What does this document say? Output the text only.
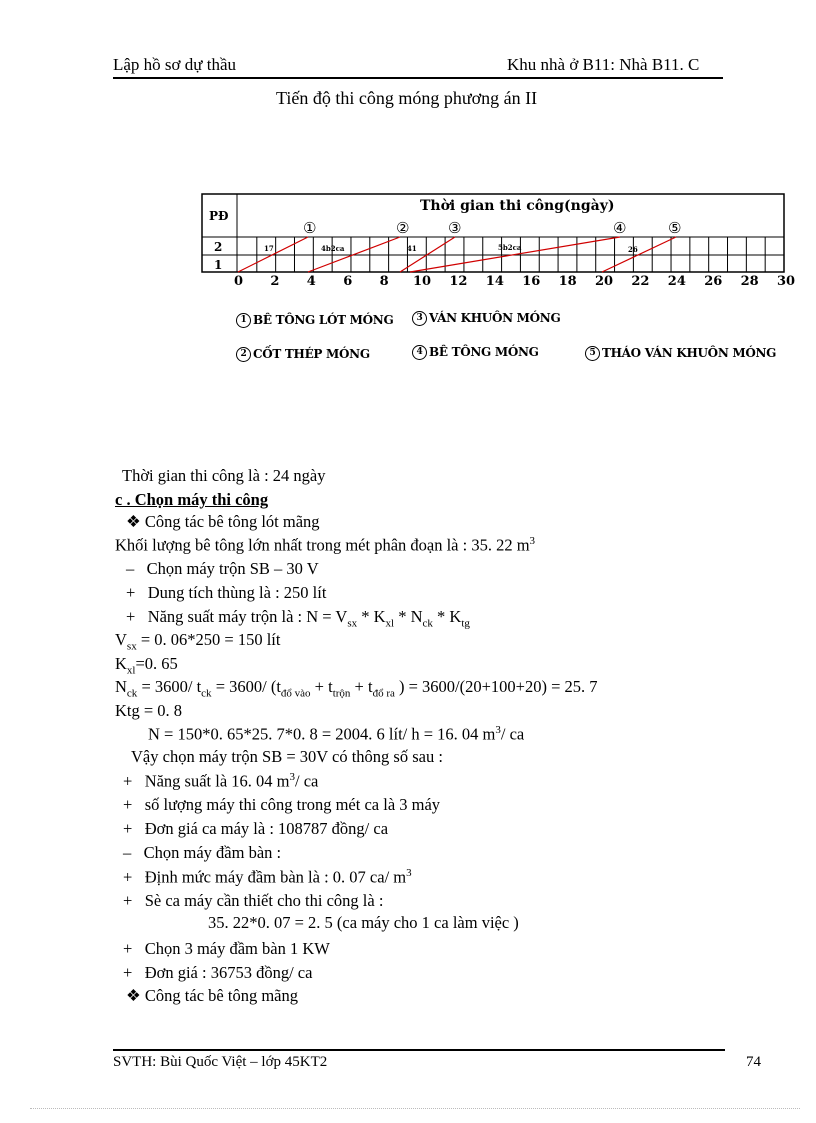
Lập hồ sơ dự thầu	Khu nhà ở B11: Nhà B11. C
Tiến độ thi công móng phương án II
PĐ
Thời gian thi công(ngày)
2
1
0 2 4 6 8 10 12 14 16 18 20 22 24 26 28 30
①	②	③	④	⑤
17	4b2ca	41	5b2ca	26
1 BÊ TÔNG LÓT MÓNG	3 VÁN KHUÔN MÓNG
2 CỐT THÉP MÓNG	4 BÊ TÔNG MÓNG	5 THÁO VÁN KHUÔN MÓNG
Thời gian thi công là : 24 ngày
c . Chọn máy thi công
❖ Công tác bê tông lót mãng
Khối lượng bê tông lớn nhất trong mét phân đoạn là : 35. 22 $m^3$
–   Chọn máy trộn SB – 30 V
+   Dung tích thùng là : 250 lít
+   Năng suất máy trộn là : $N = V_{sx} * K_{xl} * N_{ck} * K_{tg}$
$V_{sx} = 0$. 06*250 = 150 lít
$K_{xl}=0$. 65
$N_{ck} = 3600/$ $t_{ck} = 3600/$ ($t_{đổ vào} + t_{trộn} + t_{đổ ra}$ ) = 3600/(20+100+20) = 25. 7
Ktg = 0. 8
N = 150*0. 65*25. 7*0. 8 = 2004. 6 lít/ h = 16. 04 $m^3/$ ca
Vậy chọn máy trộn SB = 30V có thông số sau :
+   Năng suất là 16. 04 $m^3/$ ca
+   số lượng máy thi công trong mét ca là 3 máy
+   Đơn giá ca máy là : 108787 đồng/ ca
–   Chọn máy đầm bàn :
+   Định mức máy đầm bàn là : 0. 07 ca/ $m^3$
+   Sè ca máy cần thiết cho thi công là :
35. 22*0. 07 = 2. 5 (ca máy cho 1 ca làm việc )
+   Chọn 3 máy đầm bàn 1 KW
+   Đơn giá : 36753 đồng/ ca
❖ Công tác bê tông mãng
SVTH: Bùi Quốc Việt – lớp 45KT2	74
